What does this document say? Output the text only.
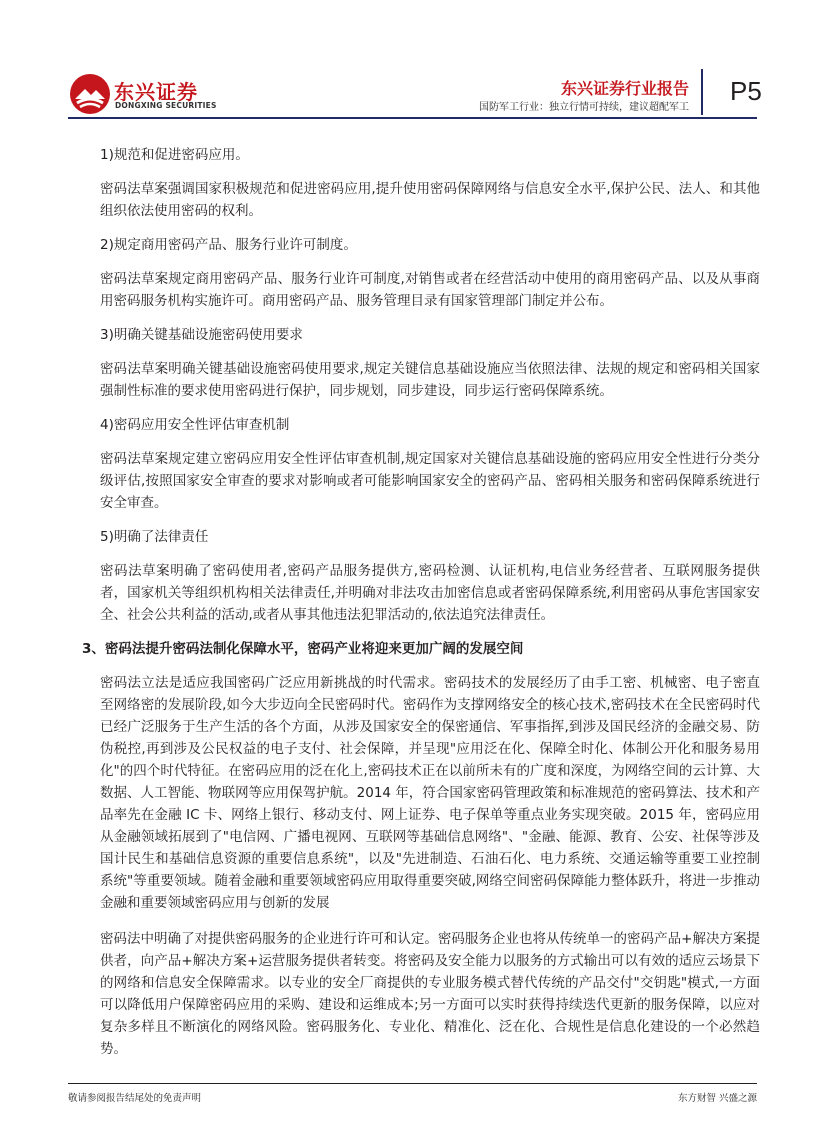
东兴证券
DONGXING SECURITIES
东兴证券行业报告
国防军工行业：独立行情可持续，建议超配军工
P5
1)规范和促进密码应用。
密码法草案强调国家积极规范和促进密码应用,提升使用密码保障网络与信息安全水平,保护公民、法人、和其他组织依法使用密码的权利。
2)规定商用密码产品、服务行业许可制度。
密码法草案规定商用密码产品、服务行业许可制度,对销售或者在经营活动中使用的商用密码产品、以及从事商用密码服务机构实施许可。商用密码产品、服务管理目录有国家管理部门制定并公布。
3)明确关键基础设施密码使用要求
密码法草案明确关键基础设施密码使用要求,规定关键信息基础设施应当依照法律、法规的规定和密码相关国家强制性标准的要求使用密码进行保护，同步规划，同步建设，同步运行密码保障系统。
4)密码应用安全性评估审查机制
密码法草案规定建立密码应用安全性评估审查机制,规定国家对关键信息基础设施的密码应用安全性进行分类分级评估,按照国家安全审查的要求对影响或者可能影响国家安全的密码产品、密码相关服务和密码保障系统进行安全审查。
5)明确了法律责任
密码法草案明确了密码使用者,密码产品服务提供方,密码检测、认证机构,电信业务经营者、互联网服务提供者，国家机关等组织机构相关法律责任,并明确对非法攻击加密信息或者密码保障系统,利用密码从事危害国家安全、社会公共利益的活动,或者从事其他违法犯罪活动的,依法追究法律责任。
3、密码法提升密码法制化保障水平，密码产业将迎来更加广阔的发展空间
密码法立法是适应我国密码广泛应用新挑战的时代需求。密码技术的发展经历了由手工密、机械密、电子密直至网络密的发展阶段,如今大步迈向全民密码时代。密码作为支撑网络安全的核心技术,密码技术在全民密码时代已经广泛服务于生产生活的各个方面，从涉及国家安全的保密通信、军事指挥,到涉及国民经济的金融交易、防伪税控,再到涉及公民权益的电子支付、社会保障，并呈现"应用泛在化、保障全时化、体制公开化和服务易用化"的四个时代特征。在密码应用的泛在化上,密码技术正在以前所未有的广度和深度，为网络空间的云计算、大数据、人工智能、物联网等应用保驾护航。2014 年，符合国家密码管理政策和标准规范的密码算法、技术和产品率先在金融 IC 卡、网络上银行、移动支付、网上证券、电子保单等重点业务实现突破。2015 年，密码应用从金融领域拓展到了"电信网、广播电视网、互联网等基础信息网络"、"金融、能源、教育、公安、社保等涉及国计民生和基础信息资源的重要信息系统"，以及"先进制造、石油石化、电力系统、交通运输等重要工业控制系统"等重要领域。随着金融和重要领域密码应用取得重要突破,网络空间密码保障能力整体跃升，将进一步推动金融和重要领域密码应用与创新的发展
密码法中明确了对提供密码服务的企业进行许可和认定。密码服务企业也将从传统单一的密码产品+解决方案提供者，向产品+解决方案+运营服务提供者转变。将密码及安全能力以服务的方式输出可以有效的适应云场景下的网络和信息安全保障需求。以专业的安全厂商提供的专业服务模式替代传统的产品交付"交钥匙"模式,一方面可以降低用户保障密码应用的采购、建设和运维成本;另一方面可以实时获得持续迭代更新的服务保障，以应对复杂多样且不断演化的网络风险。密码服务化、专业化、精准化、泛在化、合规性是信息化建设的一个必然趋势。
敬请参阅报告结尾处的免责声明	东方财智 兴盛之源
